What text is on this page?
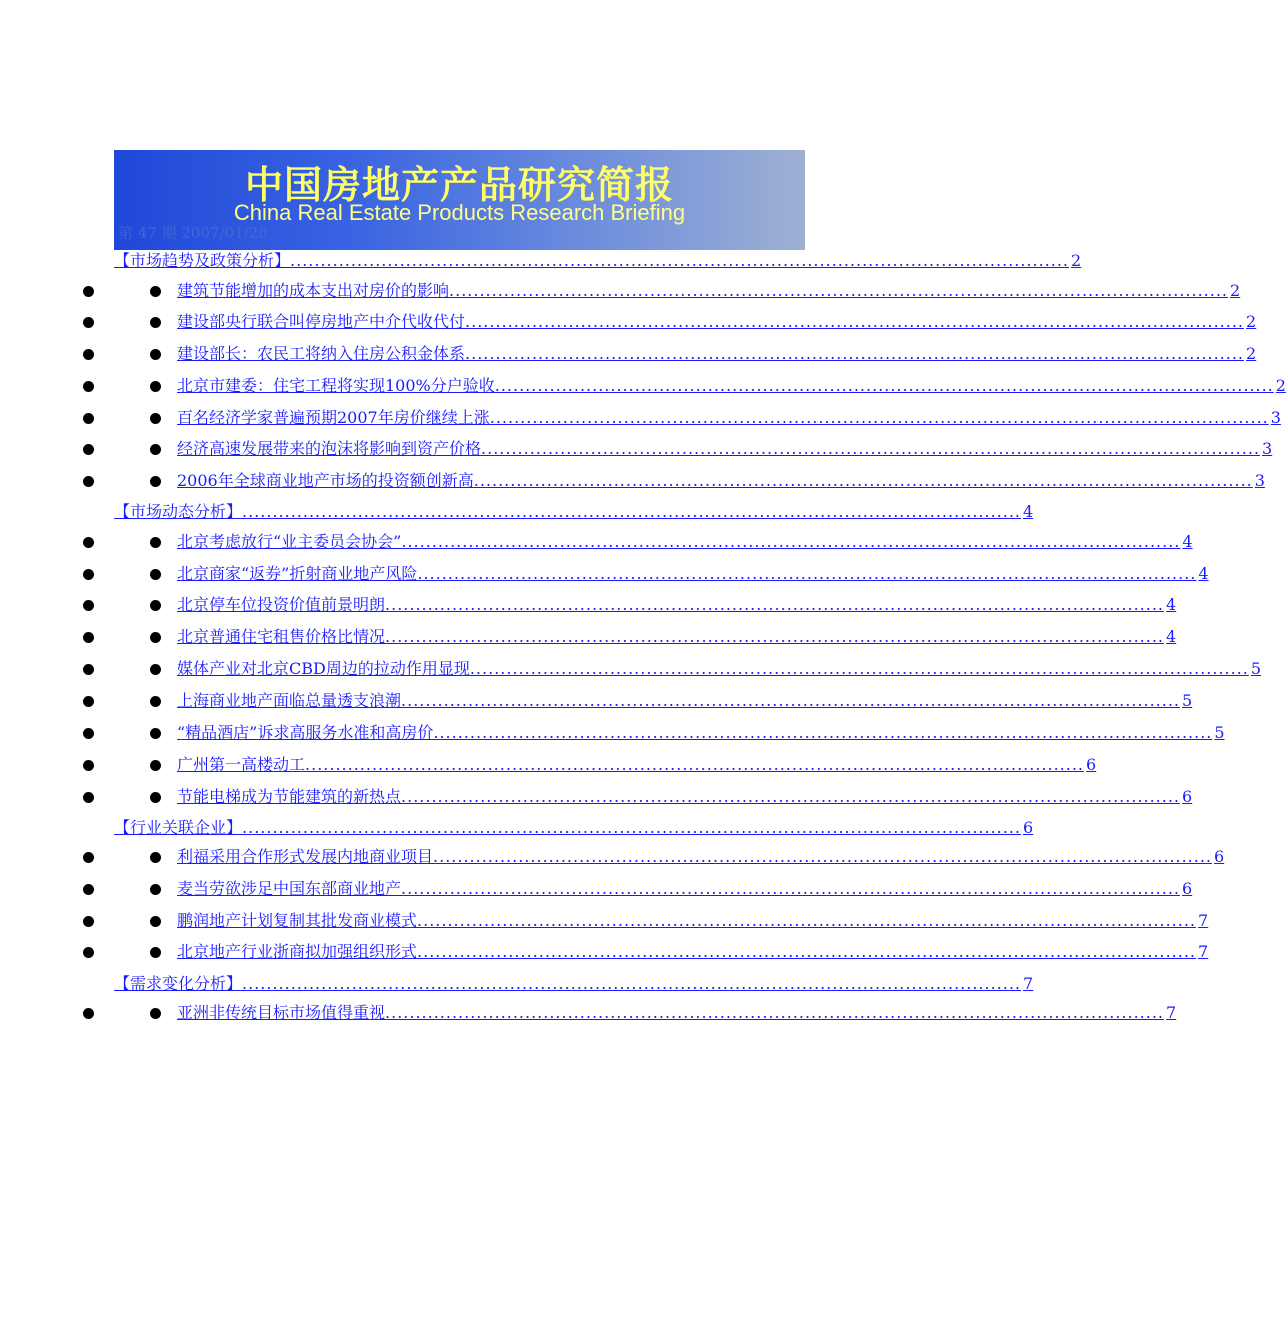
中国房地产产品研究简报
China Real Estate Products Research Briefing
第 47 期 2007/01/28
【市场趋势及政策分析】 ................................................................................................................................ 2
建筑节能增加的成本支出对房价的影响 ................................................................................................................................ 2
建设部央行联合叫停房地产中介代收代付 ................................................................................................................................ 2
建设部长：农民工将纳入住房公积金体系 ................................................................................................................................ 2
北京市建委：住宅工程将实现100%分户验收 ................................................................................................................................ 2
百名经济学家普遍预期2007年房价继续上涨 ................................................................................................................................ 3
经济高速发展带来的泡沫将影响到资产价格 ................................................................................................................................ 3
2006年全球商业地产市场的投资额创新高 ................................................................................................................................ 3
【市场动态分析】 ................................................................................................................................ 4
北京考虑放行“业主委员会协会” ................................................................................................................................ 4
北京商家“返券”折射商业地产风险 ................................................................................................................................ 4
北京停车位投资价值前景明朗 ................................................................................................................................ 4
北京普通住宅租售价格比情况 ................................................................................................................................ 4
媒体产业对北京CBD周边的拉动作用显现 ................................................................................................................................ 5
上海商业地产面临总量透支浪潮 ................................................................................................................................ 5
“精品酒店”诉求高服务水准和高房价 ................................................................................................................................ 5
广州第一高楼动工 ................................................................................................................................ 6
节能电梯成为节能建筑的新热点 ................................................................................................................................ 6
【行业关联企业】 ................................................................................................................................ 6
利福采用合作形式发展内地商业项目 ................................................................................................................................ 6
麦当劳欲涉足中国东部商业地产 ................................................................................................................................ 6
鹏润地产计划复制其批发商业模式 ................................................................................................................................ 7
北京地产行业浙商拟加强组织形式 ................................................................................................................................ 7
【需求变化分析】 ................................................................................................................................ 7
亚洲非传统目标市场值得重视 ................................................................................................................................ 7
